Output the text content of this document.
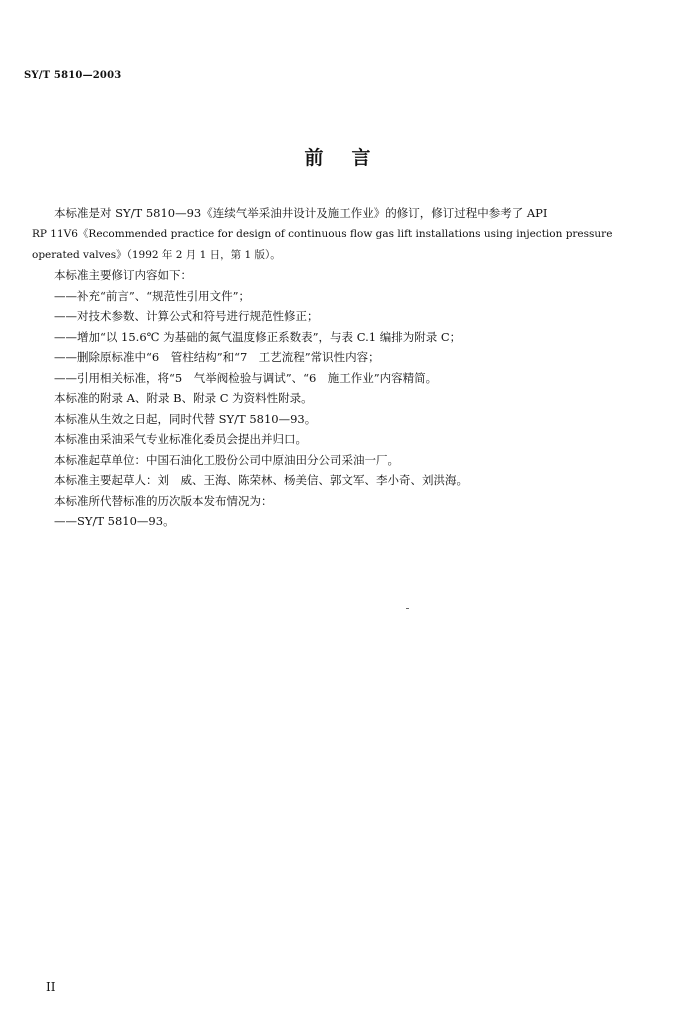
SY/T 5810—2003
前言
本标准是对 SY/T 5810—93《连续气举采油井设计及施工作业》的修订，修订过程中参考了 API
RP 11V6《Recommended practice for design of continuous flow gas lift installations using injection pressure
operated valves》（1992 年 2 月 1 日，第 1 版）。
本标准主要修订内容如下：
——补充“前言”、“规范性引用文件”；
——对技术参数、计算公式和符号进行规范性修正；
——增加“以 15.6℃ 为基础的氮气温度修正系数表”，与表 C.1 编排为附录 C；
——删除原标准中“6　管柱结构”和“7　工艺流程”常识性内容；
——引用相关标准，将“5　气举阀检验与调试”、“6　施工作业”内容精简。
本标准的附录 A、附录 B、附录 C 为资料性附录。
本标准从生效之日起，同时代替 SY/T 5810—93。
本标准由采油采气专业标准化委员会提出并归口。
本标准起草单位：中国石油化工股份公司中原油田分公司采油一厂。
本标准主要起草人：刘　威、王海、陈荣林、杨美信、郭文军、李小奇、刘洪海。
本标准所代替标准的历次版本发布情况为：
——SY/T 5810—93。
II
